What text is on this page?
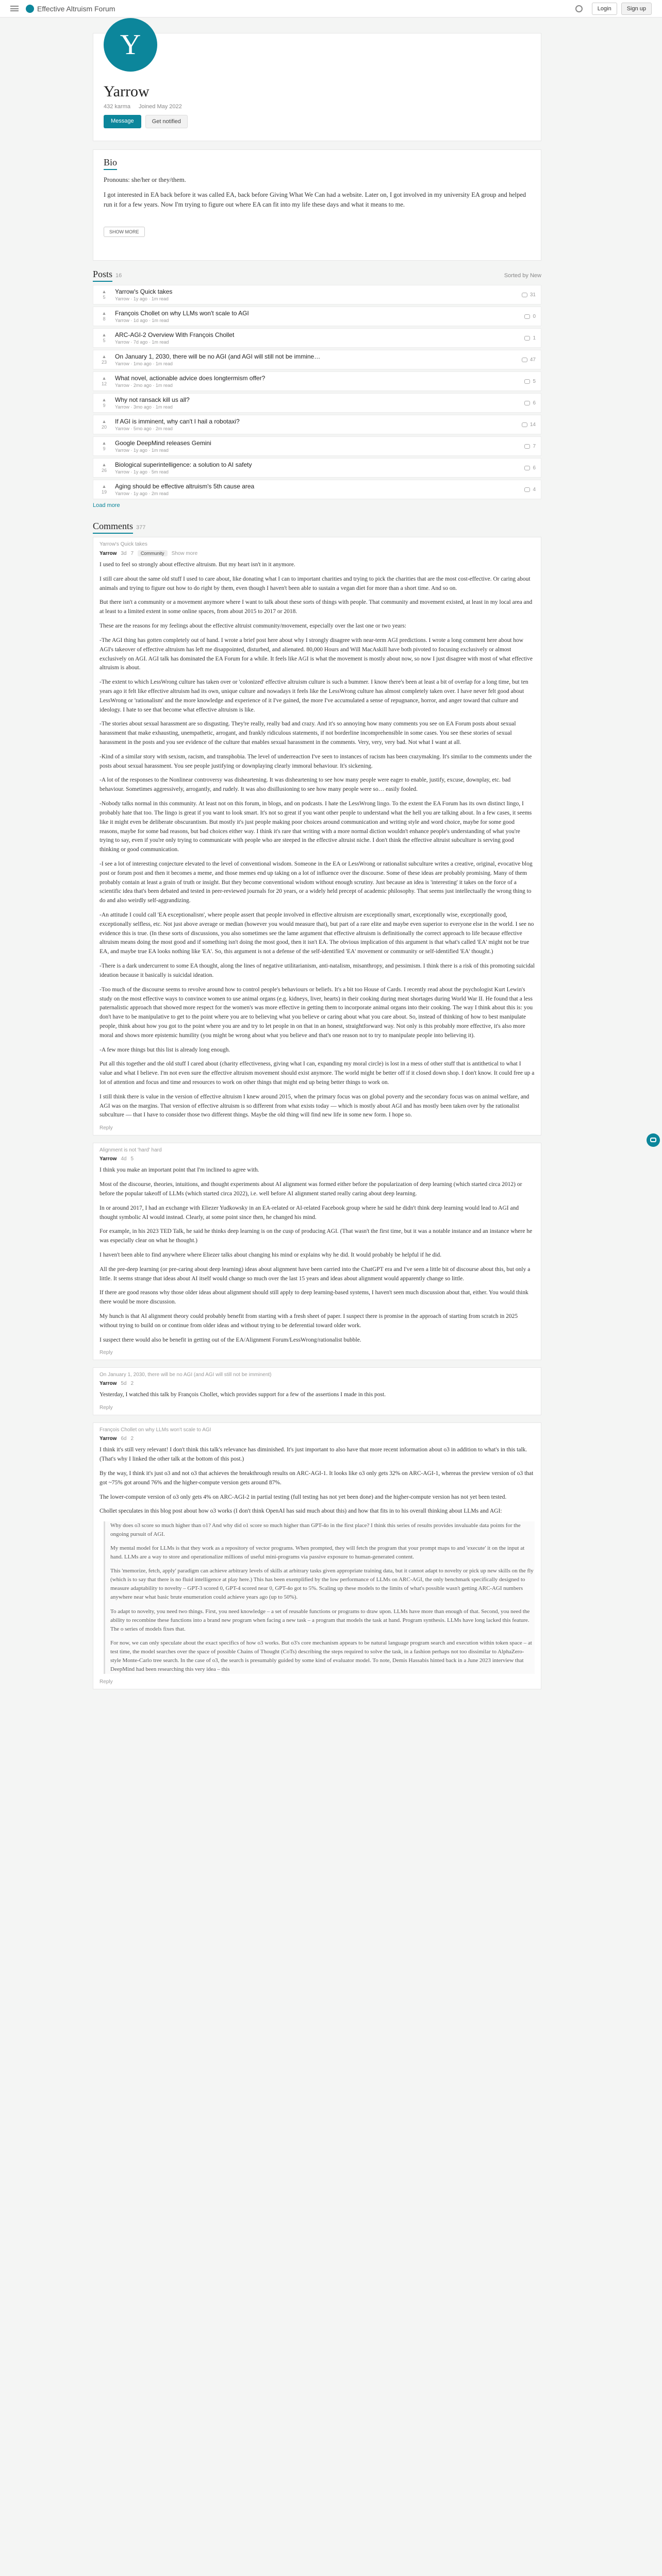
Effective Altruism Forum	Login	Sign up
Y
Yarrow
432 karma Joined May 2022
Message	Get notified
Bio

Pronouns: she/her or they/them.

I got interested in EA back before it was called EA, back before Giving What We Can had a website. Later on, I got involved in my university EA group and helped run it for a few years. Now I'm trying to figure out where EA can fit into my life these days and what it means to me.

SHOW MORE
Posts 16	Sorted by New
▲
5
Yarrow's Quick takes
Yarrow · 1y ago · 1m read
31
▲
8
François Chollet on why LLMs won't scale to AGI
Yarrow · 1d ago · 1m read
0
▲
5
ARC-AGI-2 Overview With François Chollet
Yarrow · 7d ago · 1m read
1
▲
23
On January 1, 2030, there will be no AGI (and AGI will still not be immine…
Yarrow · 1mo ago · 1m read
47
▲
12
What novel, actionable advice does longtermism offer?
Yarrow · 2mo ago · 1m read
5
▲
9
Why not ransack kill us all?
Yarrow · 3mo ago · 1m read
6
▲
20
If AGI is imminent, why can't I hail a robotaxi?
Yarrow · 5mo ago · 2m read
14
▲
9
Google DeepMind releases Gemini
Yarrow · 1y ago · 1m read
7
▲
26
Biological superintelligence: a solution to AI safety
Yarrow · 1y ago · 5m read
6
▲
19
Aging should be effective altruism's 5th cause area
Yarrow · 1y ago · 2m read
4
Load more
Comments 377
Yarrow's Quick takes
Yarrow 3d 7	Community	Show more

I used to feel so strongly about effective altruism. But my heart isn't in it anymore.

I still care about the same old stuff I used to care about, like donating what I can to important charities and trying to pick the charities that are the most cost-effective. Or caring about animals and trying to figure out how to do right by them, even though I haven't been able to sustain a vegan diet for more than a short time. And so on.

But there isn't a community or a movement anymore where I want to talk about these sorts of things with people. That community and movement existed, at least in my local area and at least to a limited extent in some online spaces, from about 2015 to 2017 or 2018.

These are the reasons for my feelings about the effective altruist community/movement, especially over the last one or two years:

-The AGI thing has gotten completely out of hand. I wrote a brief post here about why I strongly disagree with near-term AGI predictions. I wrote a long comment here about how AGI's takeover of effective altruism has left me disappointed, disturbed, and alienated. 80,000 Hours and Will MacAskill have both pivoted to focusing exclusively or almost exclusively on AGI. AGI talk has dominated the EA Forum for a while. It feels like AGI is what the movement is mostly about now, so now I just disagree with most of what effective altruism is about.

-The extent to which LessWrong culture has taken over or 'colonized' effective altruism culture is such a bummer. I know there's been at least a bit of overlap for a long time, but ten years ago it felt like effective altruism had its own, unique culture and nowadays it feels like the LessWrong culture has almost completely taken over. I have never felt good about LessWrong or 'rationalism' and the more knowledge and experience of it I've gained, the more I've accumulated a sense of repugnance, horror, and anger toward that culture and ideology. I hate to see that become what effective altruism is like.

-The stories about sexual harassment are so disgusting. They're really, really bad and crazy. And it's so annoying how many comments you see on EA Forum posts about sexual harassment that make exhausting, unempathetic, arrogant, and frankly ridiculous statements, if not borderline incomprehensible in some cases. You see these stories of sexual harassment in the posts and you see evidence of the culture that enables sexual harassment in the comments. Very, very, very bad. Not what I want at all.

-Kind of a similar story with sexism, racism, and transphobia. The level of underreaction I've seen to instances of racism has been crazymaking. It's similar to the comments under the posts about sexual harassment. You see people justifying or downplaying clearly immoral behaviour. It's sickening.

-A lot of the responses to the Nonlinear controversy was disheartening. It was disheartening to see how many people were eager to enable, justify, excuse, downplay, etc. bad behaviour. Sometimes aggressively, arrogantly, and rudely. It was also disillusioning to see how many people were so… easily fooled.

-Nobody talks normal in this community. At least not on this forum, in blogs, and on podcasts. I hate the LessWrong lingo. To the extent the EA Forum has its own distinct lingo, I probably hate that too. The lingo is great if you want to look smart. It's not so great if you want other people to understand what the hell you are talking about. In a few cases, it seems like it might even be deliberate obscurantism. But mostly it's just people making poor choices around communication and writing style and word choice, maybe for some good reasons, maybe for some bad reasons, but bad choices either way. I think it's rare that writing with a more normal diction wouldn't enhance people's understanding of what you're trying to say, even if you're only trying to communicate with people who are steeped in the effective altruist niche. I don't think the effective altruist subculture is serving good thinking or good communication.

-I see a lot of interesting conjecture elevated to the level of conventional wisdom. Someone in the EA or LessWrong or rationalist subculture writes a creative, original, evocative blog post or forum post and then it becomes a meme, and those memes end up taking on a lot of influence over the discourse. Some of these ideas are probably promising. Many of them probably contain at least a grain of truth or insight. But they become conventional wisdom without enough scrutiny. Just because an idea is 'interesting' it takes on the force of a scientific idea that's been debated and tested in peer-reviewed journals for 20 years, or a widely held precept of academic philosophy. That seems just intellectually the wrong thing to do and also weirdly self-aggrandizing.

-An attitude I could call 'EA exceptionalism', where people assert that people involved in effective altruism are exceptionally smart, exceptionally wise, exceptionally good, exceptionally selfless, etc. Not just above average or median (however you would measure that), but part of a rare elite and maybe even superior to everyone else in the world. I see no evidence this is true. (In these sorts of discussions, you also sometimes see the lame argument that effective altruism is definitionally the correct approach to life because effective altruism means doing the most good and if something isn't doing the most good, then it isn't EA. The obvious implication of this argument is that what's called 'EA' might not be true EA, and maybe true EA looks nothing like 'EA'. So, this argument is not a defense of the self-identified 'EA' movement or community or self-identified 'EA' thought.)

-There is a dark undercurrent to some EA thought, along the lines of negative utilitarianism, anti-natalism, misanthropy, and pessimism. I think there is a risk of this promoting suicidal ideation because it basically is suicidal ideation.

-Too much of the discourse seems to revolve around how to control people's behaviours or beliefs. It's a bit too House of Cards. I recently read about the psychologist Kurt Lewin's study on the most effective ways to convince women to use animal organs (e.g. kidneys, liver, hearts) in their cooking during meat shortages during World War II. He found that a less paternalistic approach that showed more respect for the women's was more effective in getting them to incorporate animal organs into their cooking. The way I think about this is: you don't have to be manipulative to get to the point where you are to believing what you believe or caring about what you care about. So, instead of thinking of how to best manipulate people, think about how you got to the point where you are and try to let people in on that in an honest, straightforward way. Not only is this probably more effective, it's also more moral and shows more epistemic humility (you might be wrong about what you believe and that's one reason not to try to manipulate people into believing it).

-A few more things but this list is already long enough.

Put all this together and the old stuff I cared about (charity effectiveness, giving what I can, expanding my moral circle) is lost in a mess of other stuff that is antithetical to what I value and what I believe. I'm not even sure the effective altruism movement should exist anymore. The world might be better off if it closed down shop. I don't know. It could free up a lot of attention and focus and time and resources to work on other things that might end up being better things to work on.

I still think there is value in the version of effective altruism I knew around 2015, when the primary focus was on global poverty and the secondary focus was on animal welfare, and AGI was on the margins. That version of effective altruism is so different from what exists today — which is mostly about AGI and has mostly been taken over by the rationalist subculture — that I have to consider those two different things. Maybe the old thing will find new life in some new form. I hope so.

Reply
Alignment is not 'hard' hard
Yarrow 4d 5

I think you make an important point that I'm inclined to agree with.

Most of the discourse, theories, intuitions, and thought experiments about AI alignment was formed either before the popularization of deep learning (which started circa 2012) or before the popular takeoff of LLMs (which started circa 2022), i.e. well before AI alignment started really caring about deep learning.

In or around 2017, I had an exchange with Eliezer Yudkowsky in an EA-related or AI-related Facebook group where he said he didn't think deep learning would lead to AGI and thought symbolic AI would instead. Clearly, at some point since then, he changed his mind.

For example, in his 2023 TED Talk, he said he thinks deep learning is on the cusp of producing AGI. (That wasn't the first time, but it was a notable instance and an instance where he was especially clear on what he thought.)

I haven't been able to find anywhere where Eliezer talks about changing his mind or explains why he did. It would probably be helpful if he did.

All the pre-deep learning (or pre-caring about deep learning) ideas about alignment have been carried into the ChatGPT era and I've seen a little bit of discourse about this, but only a little. It seems strange that ideas about AI itself would change so much over the last 15 years and ideas about alignment would apparently change so little.

If there are good reasons why those older ideas about alignment should still apply to deep learning-based systems, I haven't seen much discussion about that, either. You would think there would be more discussion.

My hunch is that AI alignment theory could probably benefit from starting with a fresh sheet of paper. I suspect there is promise in the approach of starting from scratch in 2025 without trying to build on or continue from older ideas and without trying to be deferential toward older work.

I suspect there would also be benefit in getting out of the EA/Alignment Forum/LessWrong/rationalist bubble.

Reply
On January 1, 2030, there will be no AGI (and AGI will still not be imminent)
Yarrow 5d 2

Yesterday, I watched this talk by François Chollet, which provides support for a few of the assertions I made in this post.

Reply
François Chollet on why LLMs won't scale to AGI
Yarrow 6d 2

I think it's still very relevant! I don't think this talk's relevance has diminished. It's just important to also have that more recent information about o3 in addition to what's in this talk. (That's why I linked the other talk at the bottom of this post.)

By the way, I think it's just o3 and not o3 that achieves the breakthrough results on ARC-AGI-1. It looks like o3 only gets 32% on ARC-AGI-1, whereas the preview version of o3 that got ~75% got around 76% and the higher-compute version gets around 87%.

The lower-compute version of o3 only gets 4% on ARC-AGI-2 in partial testing (full testing has not yet been done) and the higher-compute version has not yet been tested.

Chollet speculates in this blog post about how o3 works (I don't think OpenAI has said much about this) and how that fits in to his overall thinking about LLMs and AGI:

Why does o3 score so much higher than o1? And why did o1 score so much higher than GPT-4o in the first place? I think this series of results provides invaluable data points for the ongoing pursuit of AGI.

My mental model for LLMs is that they work as a repository of vector programs. When prompted, they will fetch the program that your prompt maps to and 'execute' it on the input at hand. LLMs are a way to store and operationalize millions of useful mini-programs via passive exposure to human-generated content.

This 'memorize, fetch, apply' paradigm can achieve arbitrary levels of skills at arbitrary tasks given appropriate training data, but it cannot adapt to novelty or pick up new skills on the fly (which is to say that there is no fluid intelligence at play here.) This has been exemplified by the low performance of LLMs on ARC-AGI, the only benchmark specifically designed to measure adaptability to novelty – GPT-3 scored 0, GPT-4 scored near 0, GPT-4o got to 5%. Scaling up these models to the limits of what's possible wasn't getting ARC-AGI numbers anywhere near what basic brute enumeration could achieve years ago (up to 50%).

To adapt to novelty, you need two things. First, you need knowledge – a set of reusable functions or programs to draw upon. LLMs have more than enough of that. Second, you need the ability to recombine these functions into a brand new program when facing a new task – a program that models the task at hand. Program synthesis. LLMs have long lacked this feature. The o series of models fixes that.

For now, we can only speculate about the exact specifics of how o3 works. But o3's core mechanism appears to be natural language program search and execution within token space – at test time, the model searches over the space of possible Chains of Thought (CoTs) describing the steps required to solve the task, in a fashion perhaps not too dissimilar to AlphaZero-style Monte-Carlo tree search. In the case of o3, the search is presumably guided by some kind of evaluator model. To note, Demis Hassabis hinted back in a June 2023 interview that DeepMind had been researching this very idea – this

Reply
